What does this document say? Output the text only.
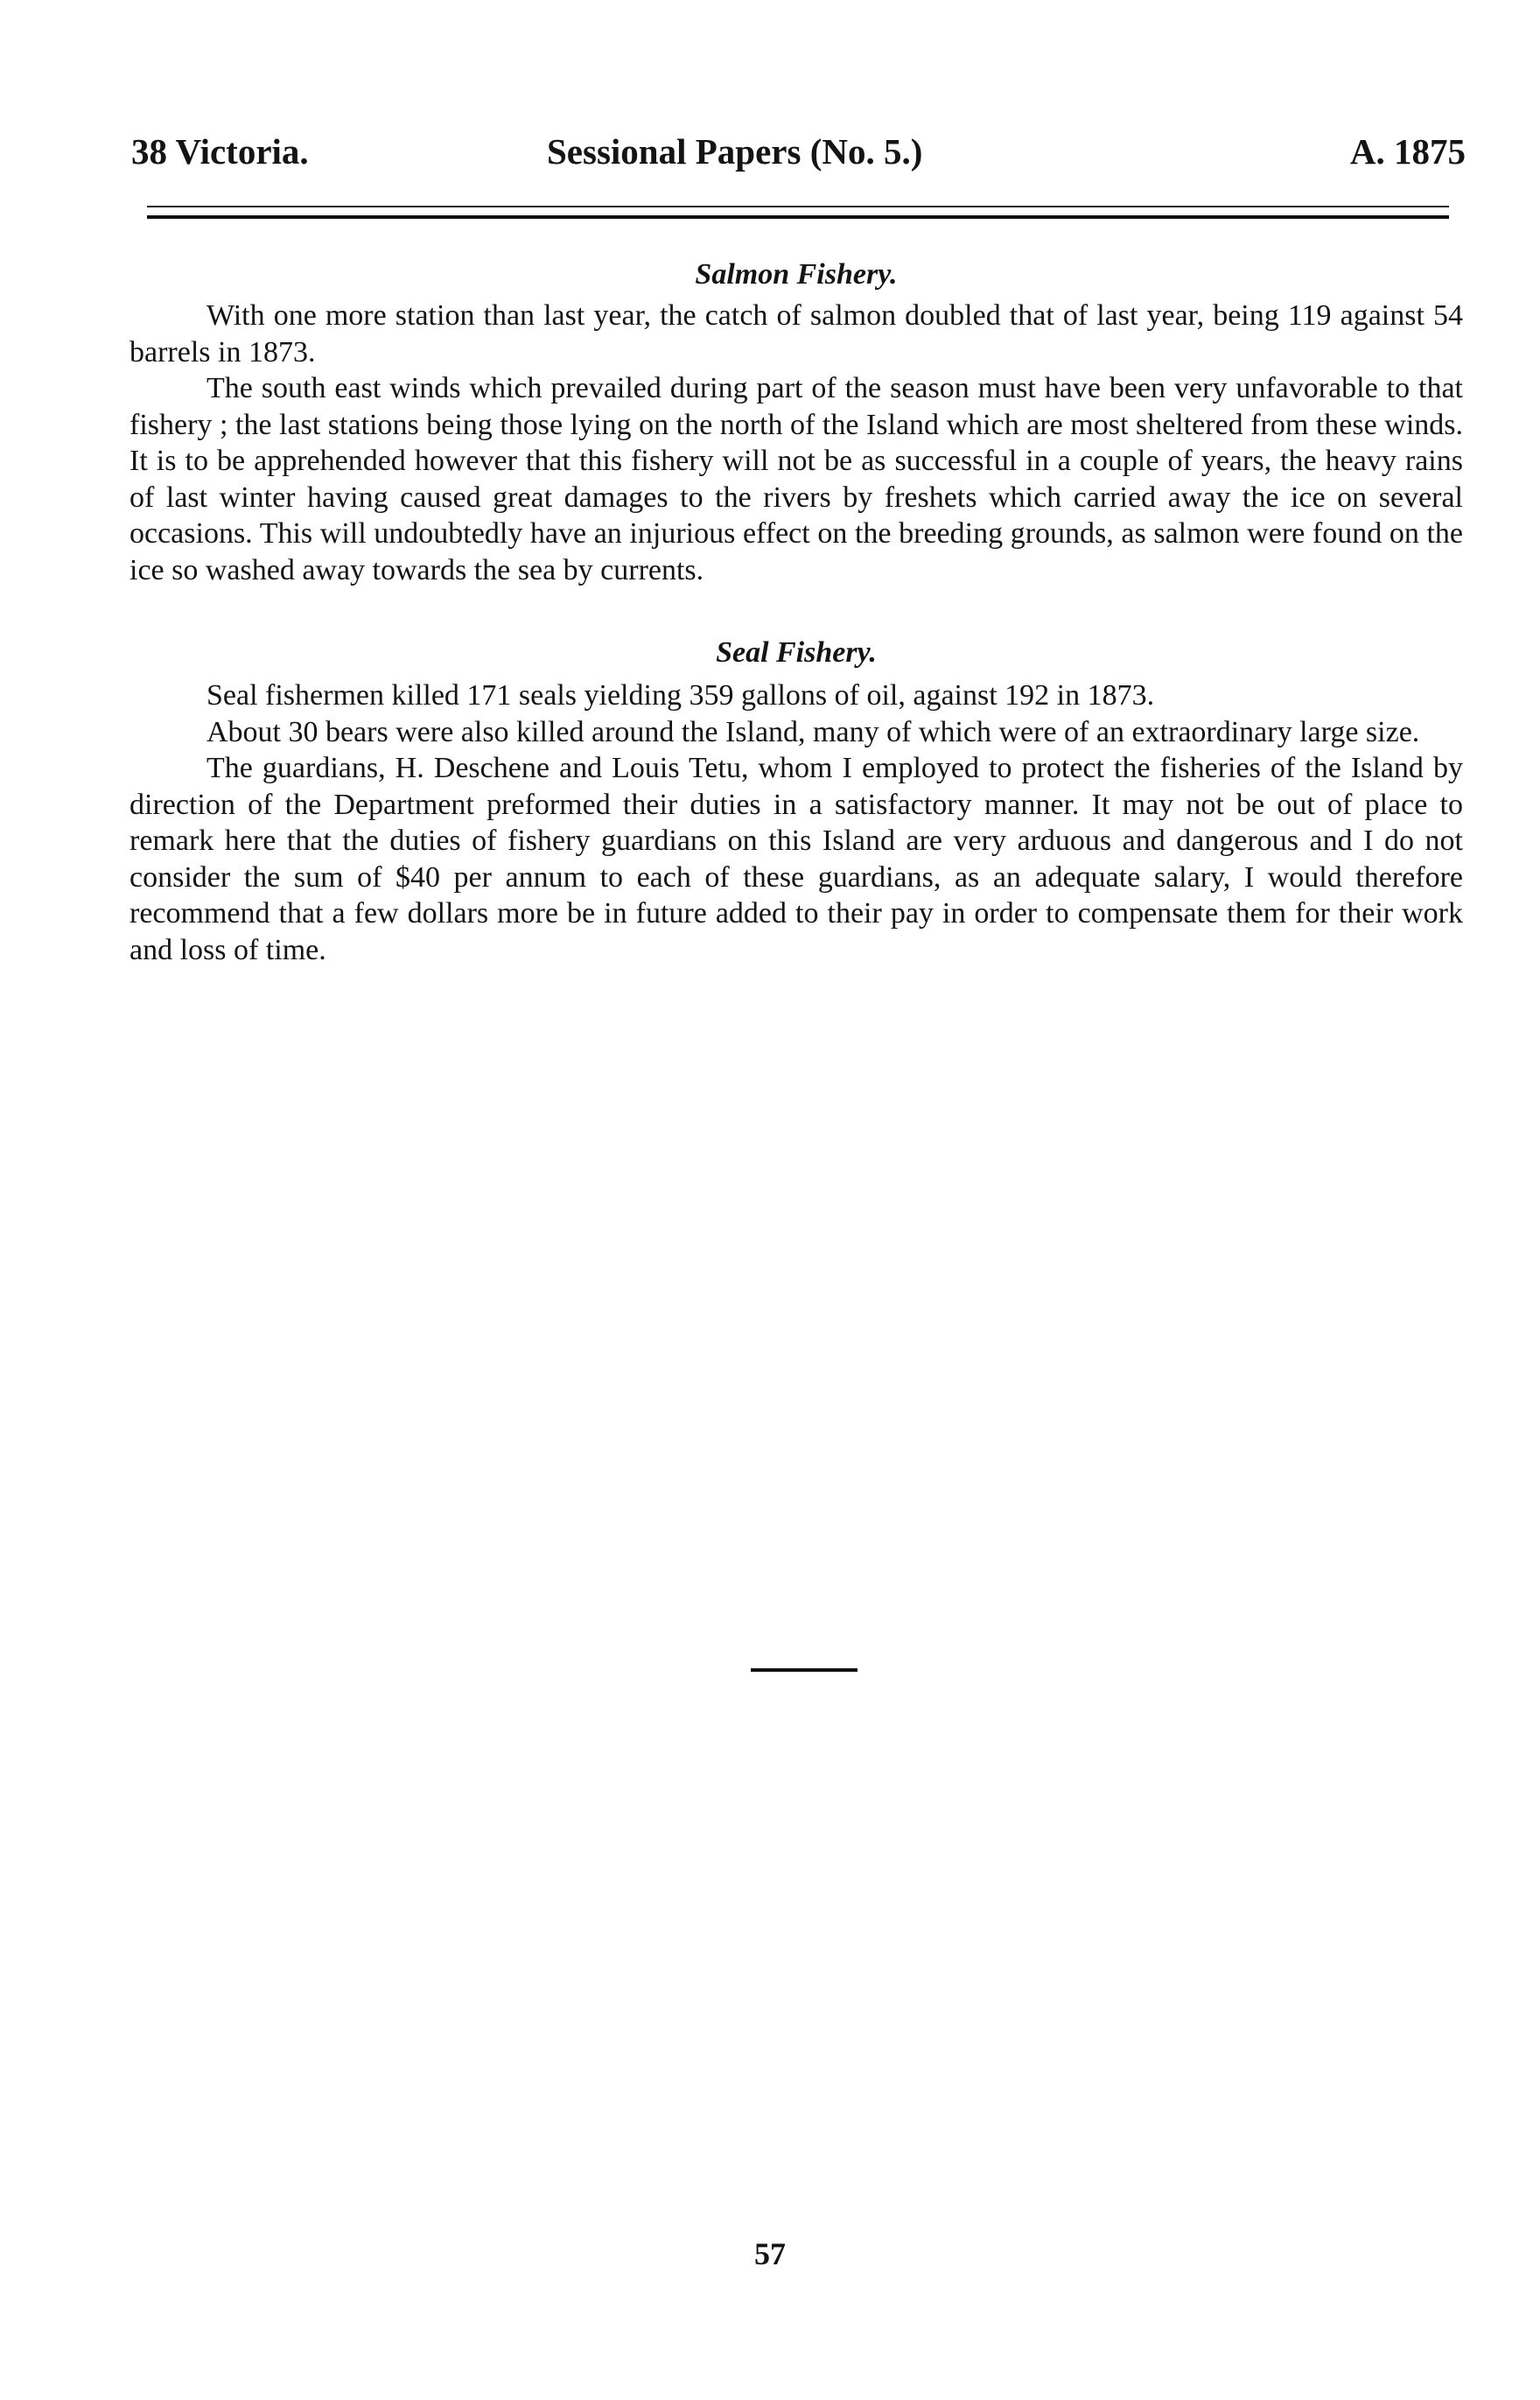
38 Victoria.	Sessional Papers (No. 5.)	A. 1875
Salmon Fishery.

With one more station than last year, the catch of salmon doubled that of last year, being 119 against 54 barrels in 1873.

The south east winds which prevailed during part of the season must have been very unfavorable to that fishery ; the last stations being those lying on the north of the Island which are most sheltered from these winds. It is to be apprehended however that this fishery will not be as successful in a couple of years, the heavy rains of last winter having caused great damages to the rivers by freshets which carried away the ice on several occasions. This will undoubtedly have an injurious effect on the breeding grounds, as salmon were found on the ice so washed away towards the sea by currents.

Seal Fishery.

Seal fishermen killed 171 seals yielding 359 gallons of oil, against 192 in 1873.

About 30 bears were also killed around the Island, many of which were of an extraordinary large size.

The guardians, H. Deschene and Louis Tetu, whom I employed to protect the fisheries of the Island by direction of the Department preformed their duties in a satisfactory manner. It may not be out of place to remark here that the duties of fishery guardians on this Island are very arduous and dangerous and I do not consider the sum of $40 per annum to each of these guardians, as an adequate salary, I would therefore recommend that a few dollars more be in future added to their pay in order to compensate them for their work and loss of time.

57
